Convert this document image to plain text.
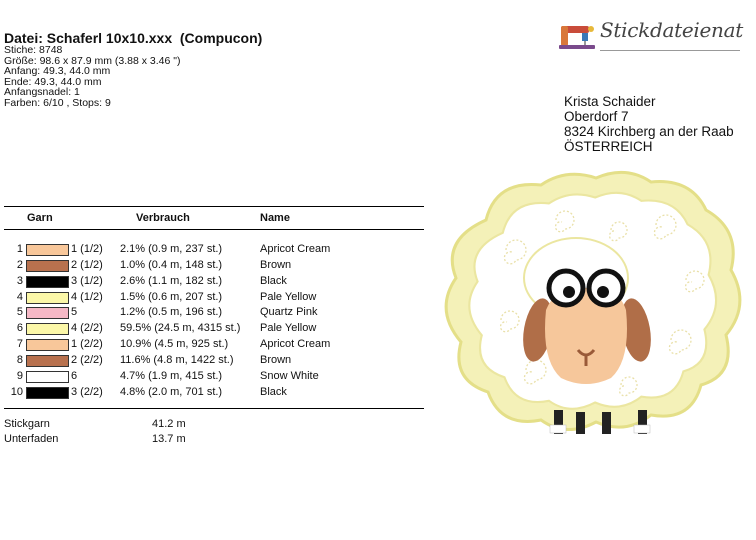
Datei: Schaferl 10x10.xxx  (Compucon)
Stiche: 8748
Größe: 98.6 x 87.9 mm (3.88 x 3.46 ")
Anfang: 49.3, 44.0 mm
Ende: 49.3, 44.0 mm
Anfangsnadel: 1
Farben: 6/10 , Stops: 9
Stickdateienat
Krista Schaider
Oberdorf 7
8324 Kirchberg an der Raab
ÖSTERREICH
Garn	Verbrauch	Name
1	1 (1/2) 2.1% (0.9 m, 237 st.)	Apricot Cream
2	2 (1/2) 1.0% (0.4 m, 148 st.)	Brown
3	3 (1/2) 2.6% (1.1 m, 182 st.)	Black
4	4 (1/2) 1.5% (0.6 m, 207 st.)	Pale Yellow
5	5	1.2% (0.5 m, 196 st.)	Quartz Pink
6	4 (2/2) 59.5% (24.5 m, 4315 st.) Pale Yellow
7	1 (2/2) 10.9% (4.5 m, 925 st.)	Apricot Cream
8	2 (2/2) 11.6% (4.8 m, 1422 st.) Brown
9	6	4.7% (1.9 m, 415 st.)	Snow White
10	3 (2/2) 4.8% (2.0 m, 701 st.)	Black
Stickgarn	41.2 m
Unterfaden	13.7 m
